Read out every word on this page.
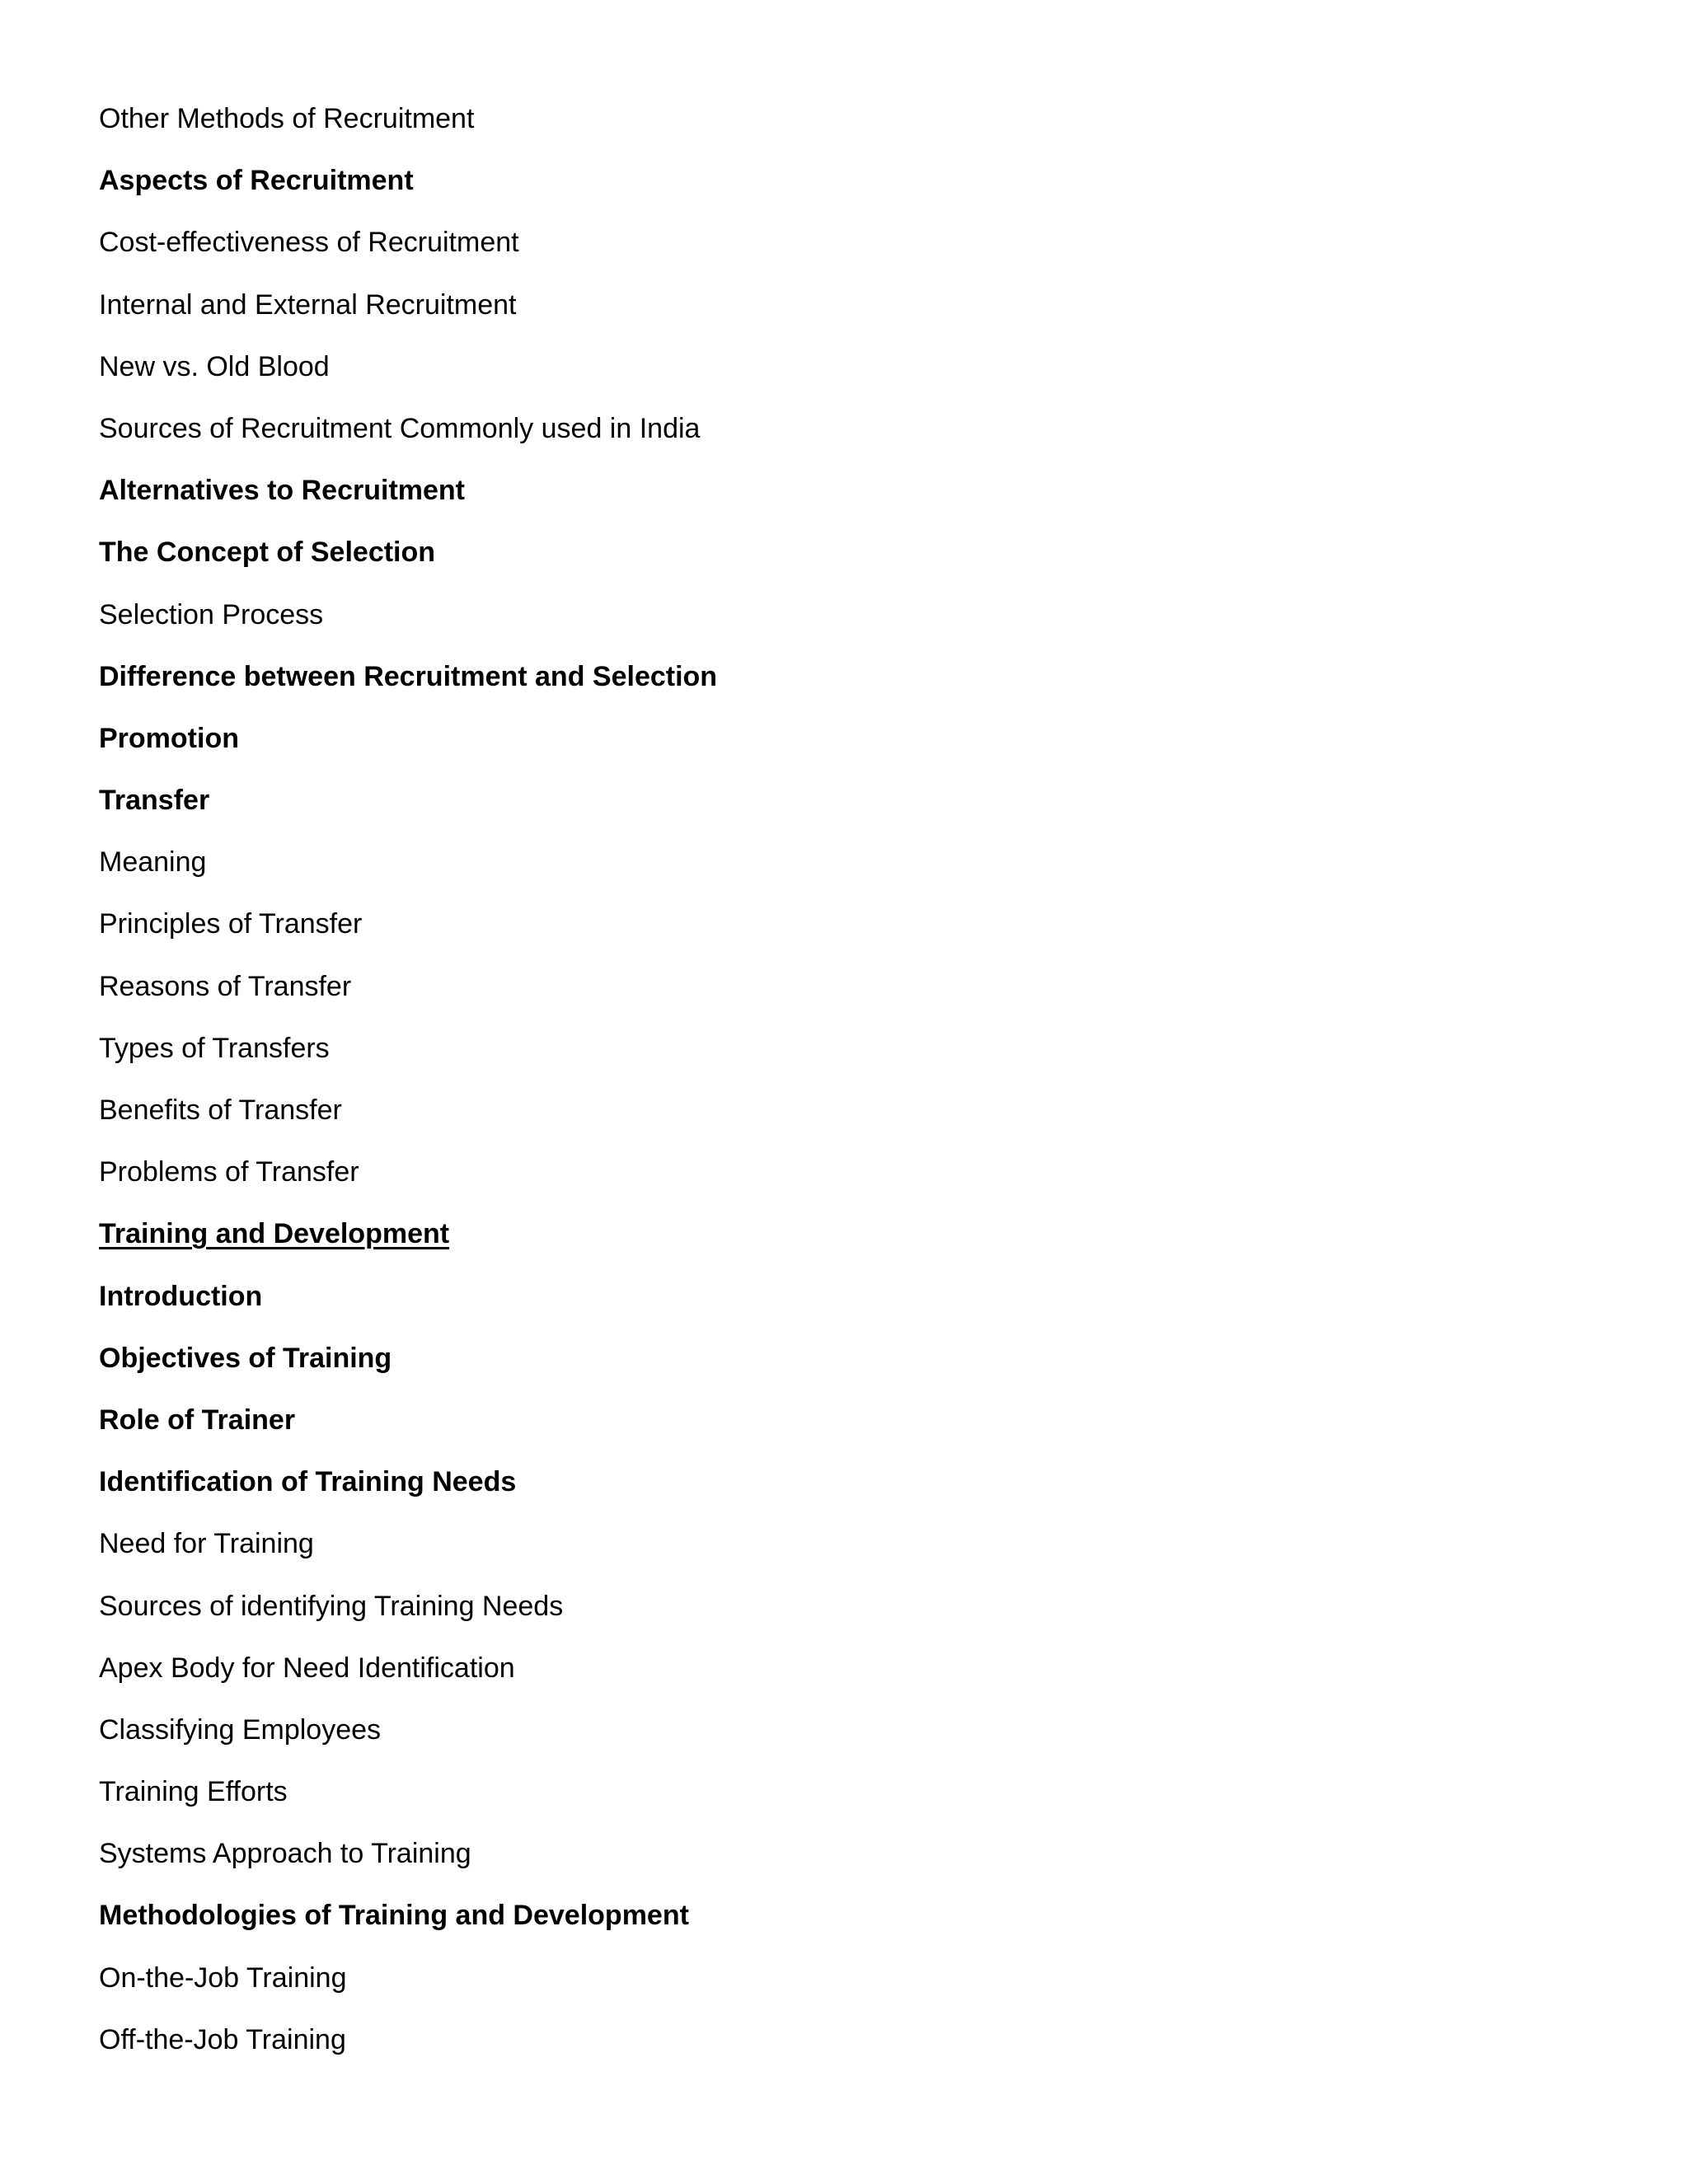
Other Methods of Recruitment
Aspects of Recruitment
Cost-effectiveness of Recruitment
Internal and External Recruitment
New vs. Old Blood
Sources of Recruitment Commonly used in India
Alternatives to Recruitment
The Concept of Selection
Selection Process
Difference between Recruitment and Selection
Promotion
Transfer
Meaning
Principles of Transfer
Reasons of Transfer
Types of Transfers
Benefits of Transfer
Problems of Transfer
Training and Development
Introduction
Objectives of Training
Role of Trainer
Identification of Training Needs
Need for Training
Sources of identifying Training Needs
Apex Body for Need Identification
Classifying Employees
Training Efforts
Systems Approach to Training
Methodologies of Training and Development
On-the-Job Training
Off-the-Job Training
